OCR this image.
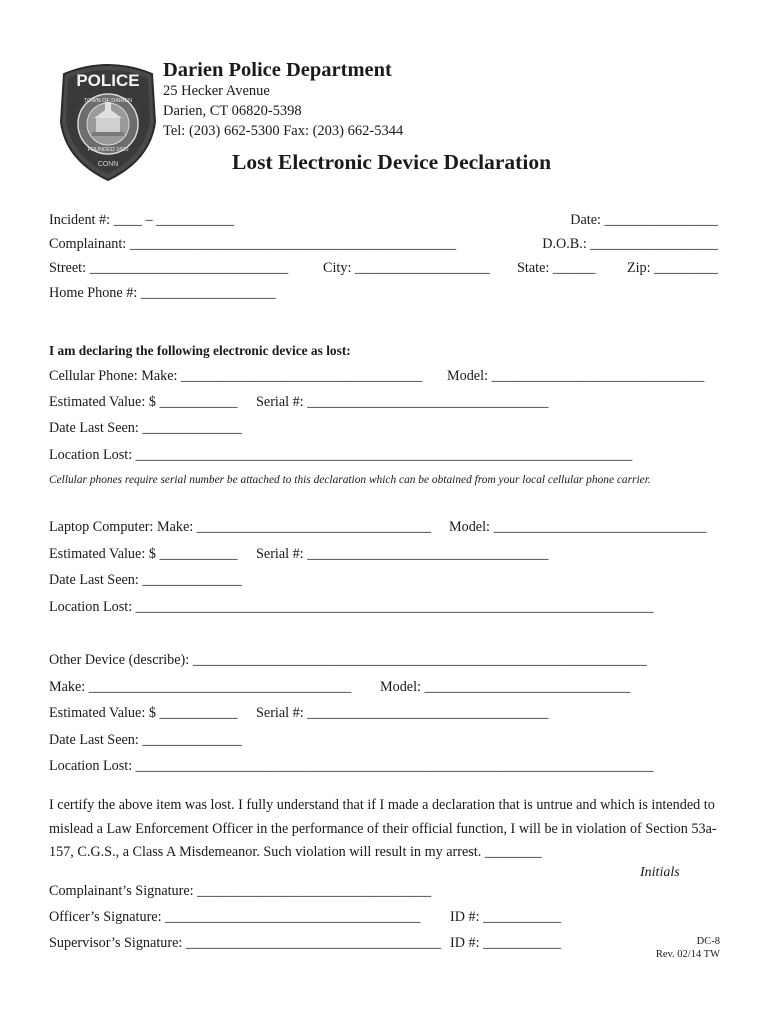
POLICE
TOWN OF DARIEN
FOUNDED 1820
CONN
Darien Police Department
25 Hecker Avenue
Darien, CT 06820-5398
Tel: (203) 662-5300 Fax: (203) 662-5344
Lost Electronic Device Declaration
Incident #: ____ – ___________	Date: ________________
Complainant: ______________________________________________	D.O.B.: __________________
Street: ____________________________ City: ___________________ State: ______ Zip: _________
Home Phone #: ___________________
I am declaring the following electronic device as lost:
Cellular Phone: Make: __________________________________ Model: ______________________________
Estimated Value: $ ___________ Serial #: __________________________________
Date Last Seen: ______________
Location Lost: ______________________________________________________________________
Cellular phones require serial number be attached to this declaration which can be obtained from your local cellular phone carrier.
Laptop Computer: Make: _________________________________ Model: ______________________________
Estimated Value: $ ___________ Serial #: __________________________________
Date Last Seen: ______________
Location Lost: _________________________________________________________________________
Other Device (describe): ________________________________________________________________
Make: _____________________________________ Model: _____________________________
Estimated Value: $ ___________ Serial #: __________________________________
Date Last Seen: ______________
Location Lost: _________________________________________________________________________
I certify the above item was lost. I fully understand that if I made a declaration that is untrue and which is intended to mislead a Law Enforcement Officer in the performance of their official function, I will be in violation of Section 53a-157, C.G.S., a Class A Misdemeanor. Such violation will result in my arrest. ________
Initials
Complainant’s Signature: _________________________________
Officer’s Signature: ____________________________________ ID #: ___________
Supervisor’s Signature: ____________________________________ ID #: ___________	DC-8
Rev. 02/14 TW
